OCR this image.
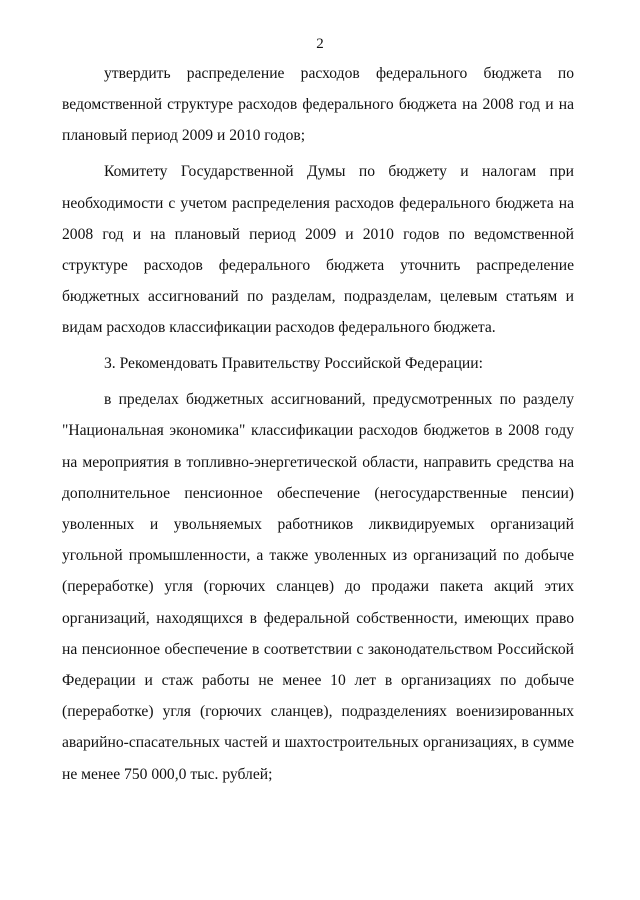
2

утвердить распределение расходов федерального бюджета по ведомственной структуре расходов федерального бюджета на 2008 год и на плановый период 2009 и 2010 годов;

Комитету Государственной Думы по бюджету и налогам при необходимости с учетом распределения расходов федерального бюджета на 2008 год и на плановый период 2009 и 2010 годов по ведомственной структуре расходов федерального бюджета уточнить распределение бюджетных ассигнований по разделам, подразделам, целевым статьям и видам расходов классификации расходов федерального бюджета.

3. Рекомендовать Правительству Российской Федерации:

в пределах бюджетных ассигнований, предусмотренных по разделу "Национальная экономика" классификации расходов бюджетов в 2008 году на мероприятия в топливно-энергетической области, направить средства на дополнительное пенсионное обеспечение (негосударственные пенсии) уволенных и увольняемых работников ликвидируемых организаций угольной промышленности, а также уволенных из организаций по добыче (переработке) угля (горючих сланцев) до продажи пакета акций этих организаций, находящихся в федеральной собственности, имеющих право на пенсионное обеспечение в соответствии с законодательством Российской Федерации и стаж работы не менее 10 лет в организациях по добыче (переработке) угля (горючих сланцев), подразделениях военизированных аварийно-спасательных частей и шахтостроительных организациях, в сумме не менее 750 000,0 тыс. рублей;
